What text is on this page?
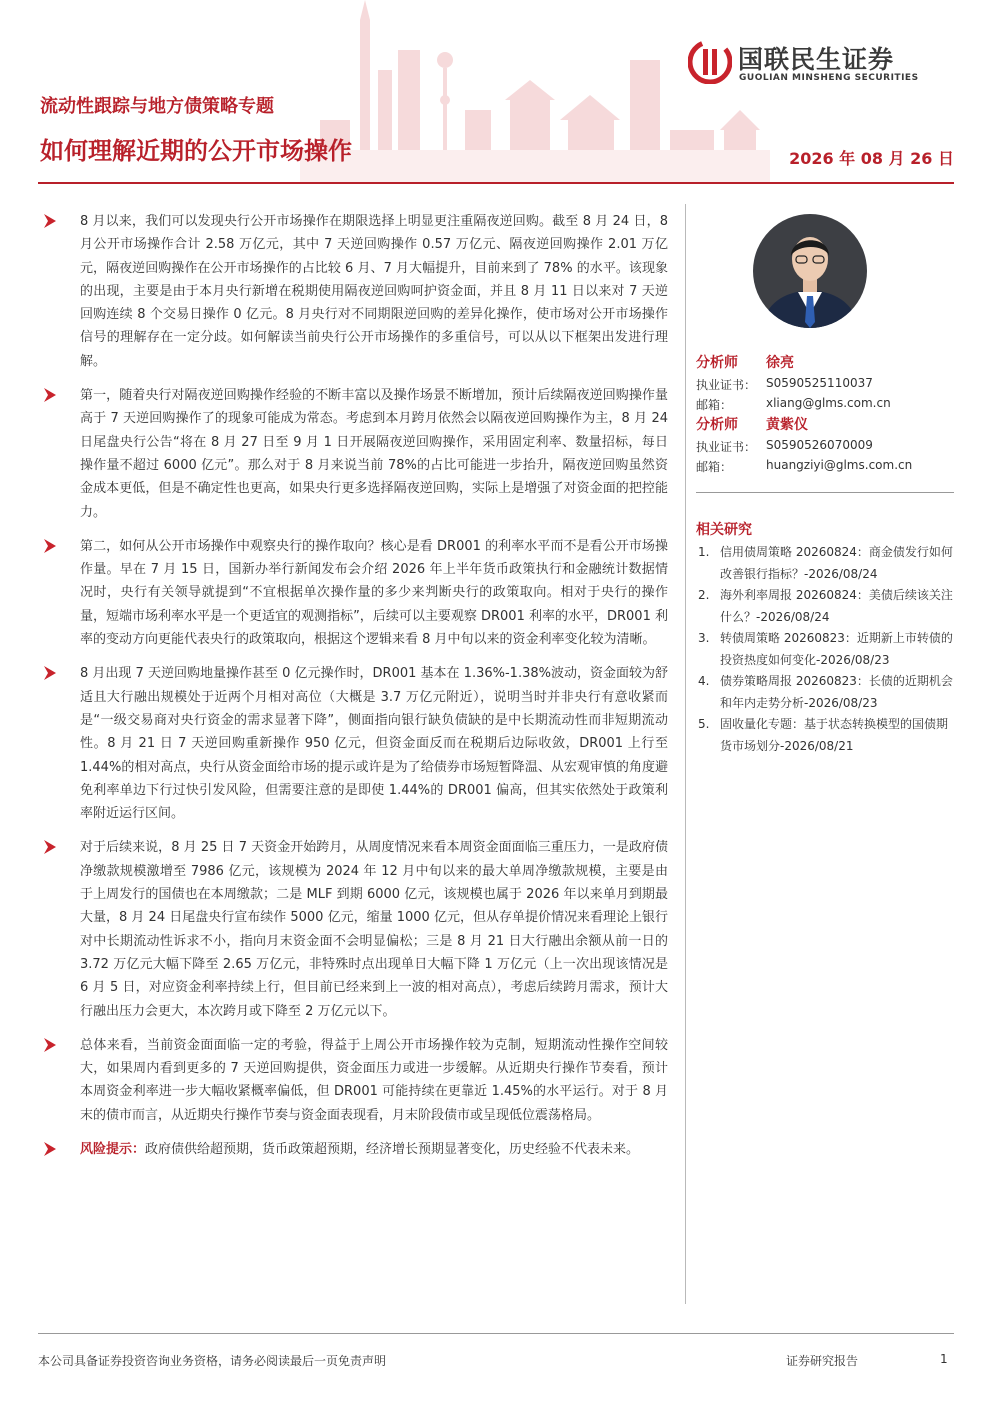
国联民生证券
GUOLIAN MINSHENG SECURITIES
流动性跟踪与地方债策略专题
如何理解近期的公开市场操作	2026 年 08 月 26 日
8 月以来，我们可以发现央行公开市场操作在期限选择上明显更注重隔夜逆回购。截至 8 月 24 日，8 月公开市场操作合计 2.58 万亿元，其中 7 天逆回购操作 0.57 万亿元、隔夜逆回购操作 2.01 万亿元，隔夜逆回购操作在公开市场操作的占比较 6 月、7 月大幅提升，目前来到了 78% 的水平。该现象的出现，主要是由于本月央行新增在税期使用隔夜逆回购呵护资金面，并且 8 月 11 日以来对 7 天逆回购连续 8 个交易日操作 0 亿元。8 月央行对不同期限逆回购的差异化操作，使市场对公开市场操作信号的理解存在一定分歧。如何解读当前央行公开市场操作的多重信号，可以从以下框架出发进行理解。
第一，随着央行对隔夜逆回购操作经验的不断丰富以及操作场景不断增加，预计后续隔夜逆回购操作量高于 7 天逆回购操作了的现象可能成为常态。考虑到本月跨月依然会以隔夜逆回购操作为主，8 月 24 日尾盘央行公告“将在 8 月 27 日至 9 月 1 日开展隔夜逆回购操作，采用固定利率、数量招标，每日操作量不超过 6000 亿元”。那么对于 8 月来说当前 78%的占比可能进一步抬升，隔夜逆回购虽然资金成本更低，但是不确定性也更高，如果央行更多选择隔夜逆回购，实际上是增强了对资金面的把控能力。
第二，如何从公开市场操作中观察央行的操作取向？核心是看 DR001 的利率水平而不是看公开市场操作量。早在 7 月 15 日，国新办举行新闻发布会介绍 2026 年上半年货币政策执行和金融统计数据情况时，央行有关领导就提到“不宜根据单次操作量的多少来判断央行的政策取向。相对于央行的操作量，短端市场利率水平是一个更适宜的观测指标”，后续可以主要观察 DR001 利率的水平，DR001 利率的变动方向更能代表央行的政策取向，根据这个逻辑来看 8 月中旬以来的资金利率变化较为清晰。
8 月出现 7 天逆回购地量操作甚至 0 亿元操作时，DR001 基本在 1.36%-1.38%波动，资金面较为舒适且大行融出规模处于近两个月相对高位（大概是 3.7 万亿元附近），说明当时并非央行有意收紧而是“一级交易商对央行资金的需求显著下降”，侧面指向银行缺负债缺的是中长期流动性而非短期流动性。8 月 21 日 7 天逆回购重新操作 950 亿元，但资金面反而在税期后边际收敛，DR001 上行至 1.44%的相对高点，央行从资金面给市场的提示或许是为了给债券市场短暂降温、从宏观审慎的角度避免利率单边下行过快引发风险，但需要注意的是即使 1.44%的 DR001 偏高，但其实依然处于政策利率附近运行区间。
对于后续来说，8 月 25 日 7 天资金开始跨月，从周度情况来看本周资金面面临三重压力，一是政府债净缴款规模激增至 7986 亿元，该规模为 2024 年 12 月中旬以来的最大单周净缴款规模，主要是由于上周发行的国债也在本周缴款；二是 MLF 到期 6000 亿元，该规模也属于 2026 年以来单月到期最大量，8 月 24 日尾盘央行宣布续作 5000 亿元，缩量 1000 亿元，但从存单提价情况来看理论上银行对中长期流动性诉求不小，指向月末资金面不会明显偏松；三是 8 月 21 日大行融出余额从前一日的 3.72 万亿元大幅下降至 2.65 万亿元，非特殊时点出现单日大幅下降 1 万亿元（上一次出现该情况是 6 月 5 日，对应资金利率持续上行，但目前已经来到上一波的相对高点），考虑后续跨月需求，预计大行融出压力会更大，本次跨月或下降至 2 万亿元以下。
总体来看，当前资金面面临一定的考验，得益于上周公开市场操作较为克制，短期流动性操作空间较大，如果周内看到更多的 7 天逆回购提供，资金面压力或进一步缓解。从近期央行操作节奏看，预计本周资金利率进一步大幅收紧概率偏低，但 DR001 可能持续在更靠近 1.45%的水平运行。对于 8 月末的债市而言，从近期央行操作节奏与资金面表现看，月末阶段债市或呈现低位震荡格局。
风险提示：政府债供给超预期，货币政策超预期，经济增长预期显著变化，历史经验不代表未来。
分析师 徐亮
执业证书： S0590525110037
邮箱：	xliang@glms.com.cn
分析师 黄紫仪
执业证书： S0590526070009
邮箱：	huangziyi@glms.com.cn
相关研究
1. 信用债周策略 20260824：商金债发行如何改善银行指标？-2026/08/24
2. 海外利率周报 20260824：美债后续该关注什么？-2026/08/24
3. 转债周策略 20260823：近期新上市转债的投资热度如何变化-2026/08/23
4. 债券策略周报 20260823：长债的近期机会和年内走势分析-2026/08/23
5. 固收量化专题：基于状态转换模型的国债期货市场划分-2026/08/21
本公司具备证券投资咨询业务资格，请务必阅读最后一页免责声明	证券研究报告	1
